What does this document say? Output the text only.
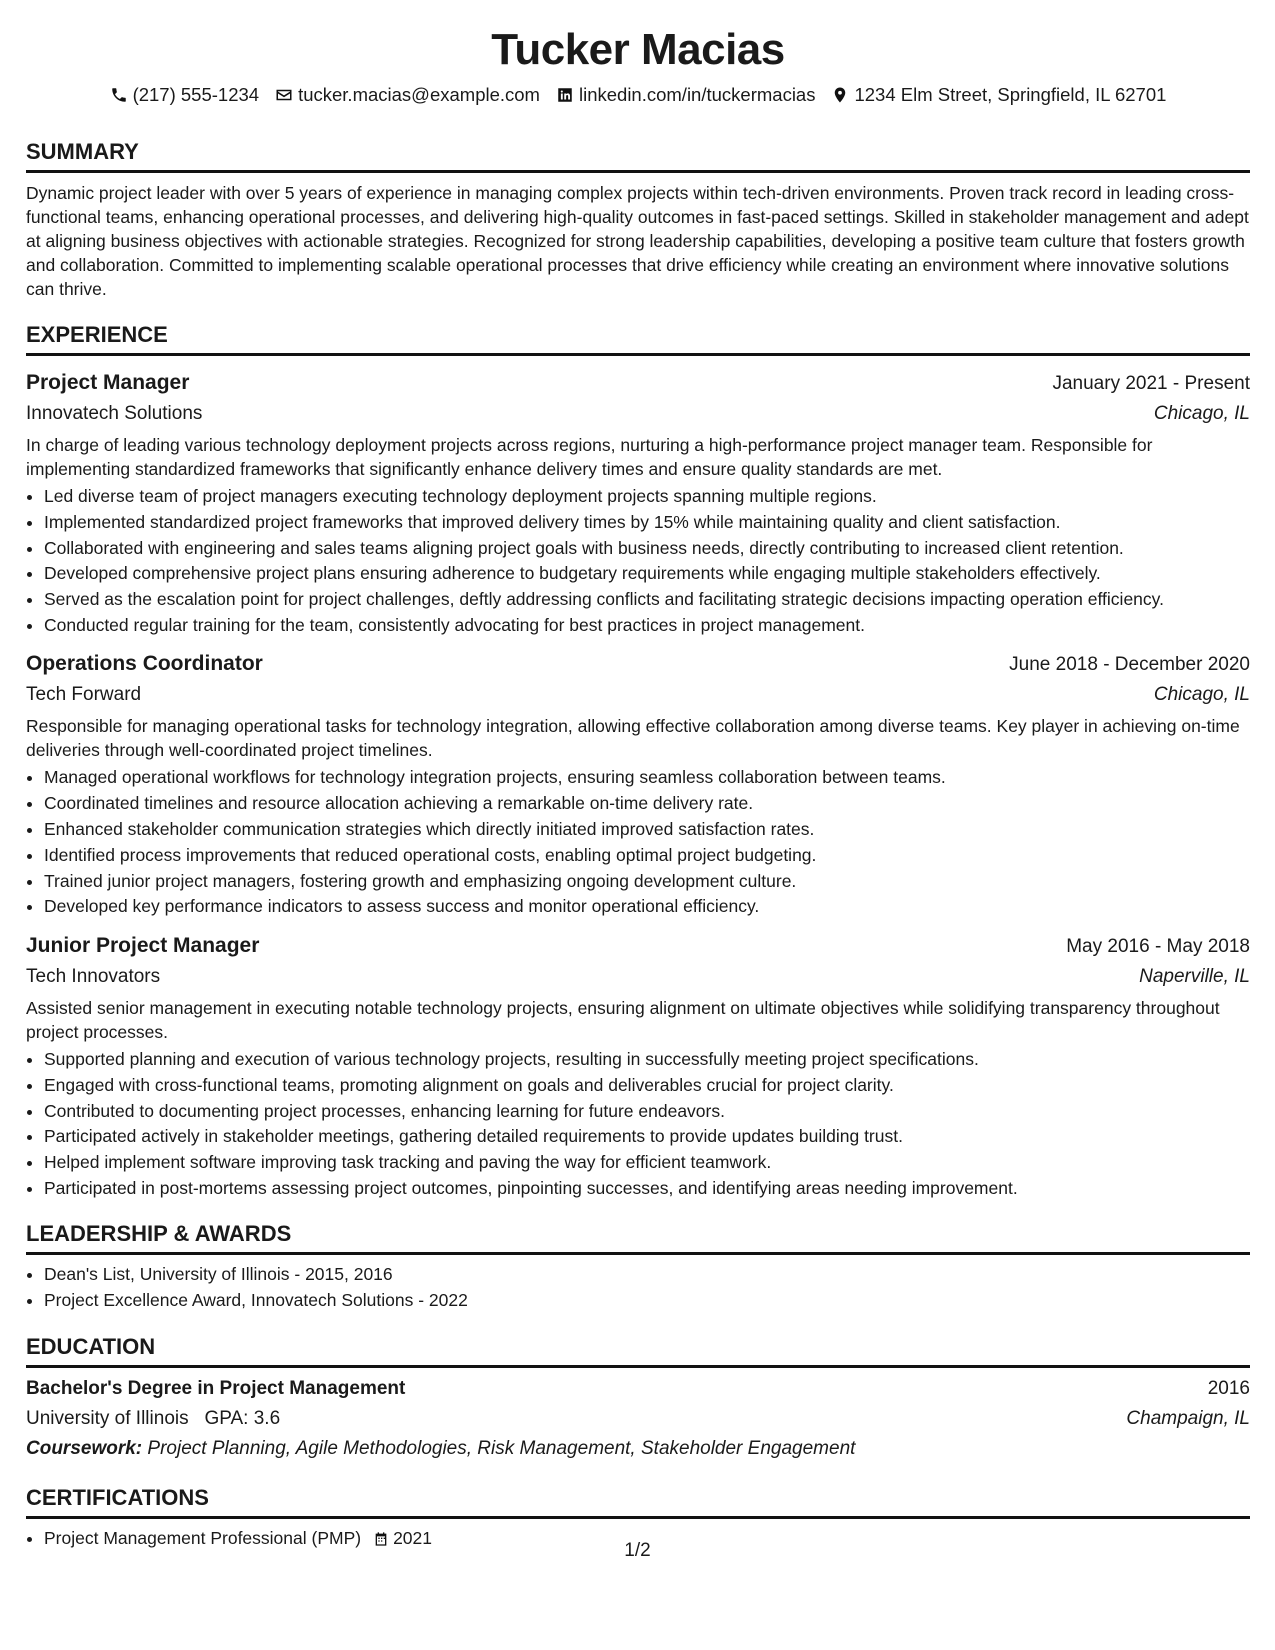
Tucker Macias
(217) 555-1234 tucker.macias@example.com linkedin.com/in/tuckermacias 1234 Elm Street, Springfield, IL 62701
SUMMARY
Dynamic project leader with over 5 years of experience in managing complex projects within tech-driven environments. Proven track record in leading cross-functional teams, enhancing operational processes, and delivering high-quality outcomes in fast-paced settings. Skilled in stakeholder management and adept at aligning business objectives with actionable strategies. Recognized for strong leadership capabilities, developing a positive team culture that fosters growth and collaboration. Committed to implementing scalable operational processes that drive efficiency while creating an environment where innovative solutions can thrive.
EXPERIENCE
Project Manager	January 2021 - Present
Innovatech Solutions	Chicago, IL
In charge of leading various technology deployment projects across regions, nurturing a high-performance project manager team. Responsible for implementing standardized frameworks that significantly enhance delivery times and ensure quality standards are met.
• Led diverse team of project managers executing technology deployment projects spanning multiple regions.
• Implemented standardized project frameworks that improved delivery times by 15% while maintaining quality and client satisfaction.
• Collaborated with engineering and sales teams aligning project goals with business needs, directly contributing to increased client retention.
• Developed comprehensive project plans ensuring adherence to budgetary requirements while engaging multiple stakeholders effectively.
• Served as the escalation point for project challenges, deftly addressing conflicts and facilitating strategic decisions impacting operation efficiency.
• Conducted regular training for the team, consistently advocating for best practices in project management.
Operations Coordinator	June 2018 - December 2020
Tech Forward	Chicago, IL
Responsible for managing operational tasks for technology integration, allowing effective collaboration among diverse teams. Key player in achieving on-time deliveries through well-coordinated project timelines.
• Managed operational workflows for technology integration projects, ensuring seamless collaboration between teams.
• Coordinated timelines and resource allocation achieving a remarkable on-time delivery rate.
• Enhanced stakeholder communication strategies which directly initiated improved satisfaction rates.
• Identified process improvements that reduced operational costs, enabling optimal project budgeting.
• Trained junior project managers, fostering growth and emphasizing ongoing development culture.
• Developed key performance indicators to assess success and monitor operational efficiency.
Junior Project Manager	May 2016 - May 2018
Tech Innovators	Naperville, IL
Assisted senior management in executing notable technology projects, ensuring alignment on ultimate objectives while solidifying transparency throughout project processes.
• Supported planning and execution of various technology projects, resulting in successfully meeting project specifications.
• Engaged with cross-functional teams, promoting alignment on goals and deliverables crucial for project clarity.
• Contributed to documenting project processes, enhancing learning for future endeavors.
• Participated actively in stakeholder meetings, gathering detailed requirements to provide updates building trust.
• Helped implement software improving task tracking and paving the way for efficient teamwork.
• Participated in post-mortems assessing project outcomes, pinpointing successes, and identifying areas needing improvement.
LEADERSHIP & AWARDS
• Dean's List, University of Illinois - 2015, 2016
• Project Excellence Award, Innovatech Solutions - 2022
EDUCATION
Bachelor's Degree in Project Management	2016
University of Illinois GPA: 3.6	Champaign, IL
Coursework: Project Planning, Agile Methodologies, Risk Management, Stakeholder Engagement
CERTIFICATIONS
• Project Management Professional (PMP) 2021
1/2
